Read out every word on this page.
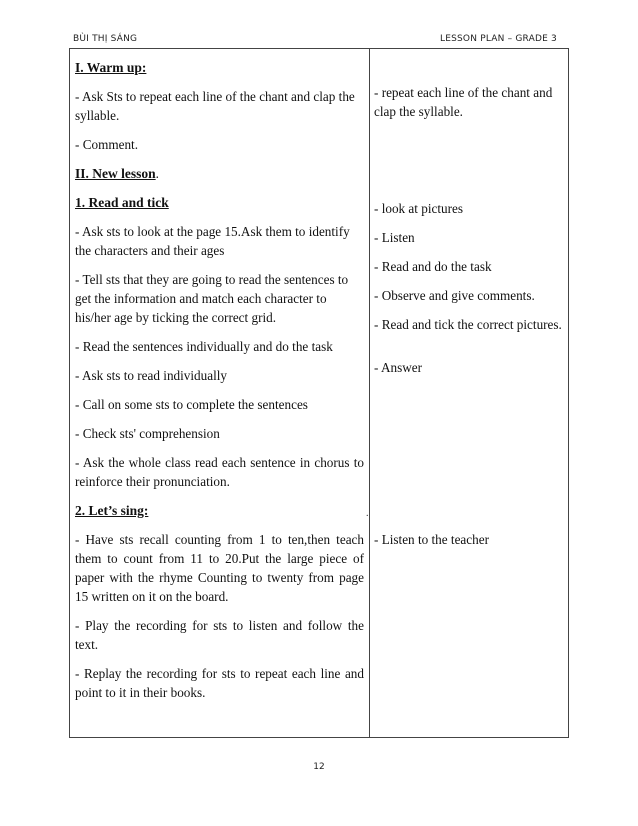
BÙI THỊ SÁNG	LESSON PLAN – GRADE 3

I. Warm up:

- Ask Sts to repeat each line of the chant and clap the syllable.

- Comment.

II. New lesson.

1. Read and tick

- Ask sts to look at the page 15.Ask them to identify the characters and their ages

- Tell sts that they are going to read the sentences to get the information and match each character to his/her age by ticking the correct grid.

- Read the sentences individually and do the task

- Ask sts to read individually

- Call on some sts to complete the sentences

- Check sts' comprehension

- Ask the whole class read each sentence in chorus to reinforce their pronunciation.

2. Let’s sing:

- Have sts recall counting from 1 to ten,then teach them to count from 11 to 20.Put the large piece of paper with the rhyme Counting to twenty from page 15 written on it on the board.

- Play the recording for sts to listen and follow the text.

- Replay the recording for sts to repeat each line and point to it in their books.

- repeat each line of the chant and clap the syllable.

- look at pictures

- Listen

- Read and do the task

- Observe and give comments.

- Read and tick the correct pictures.

- Answer

- Listen to the teacher

.
12
